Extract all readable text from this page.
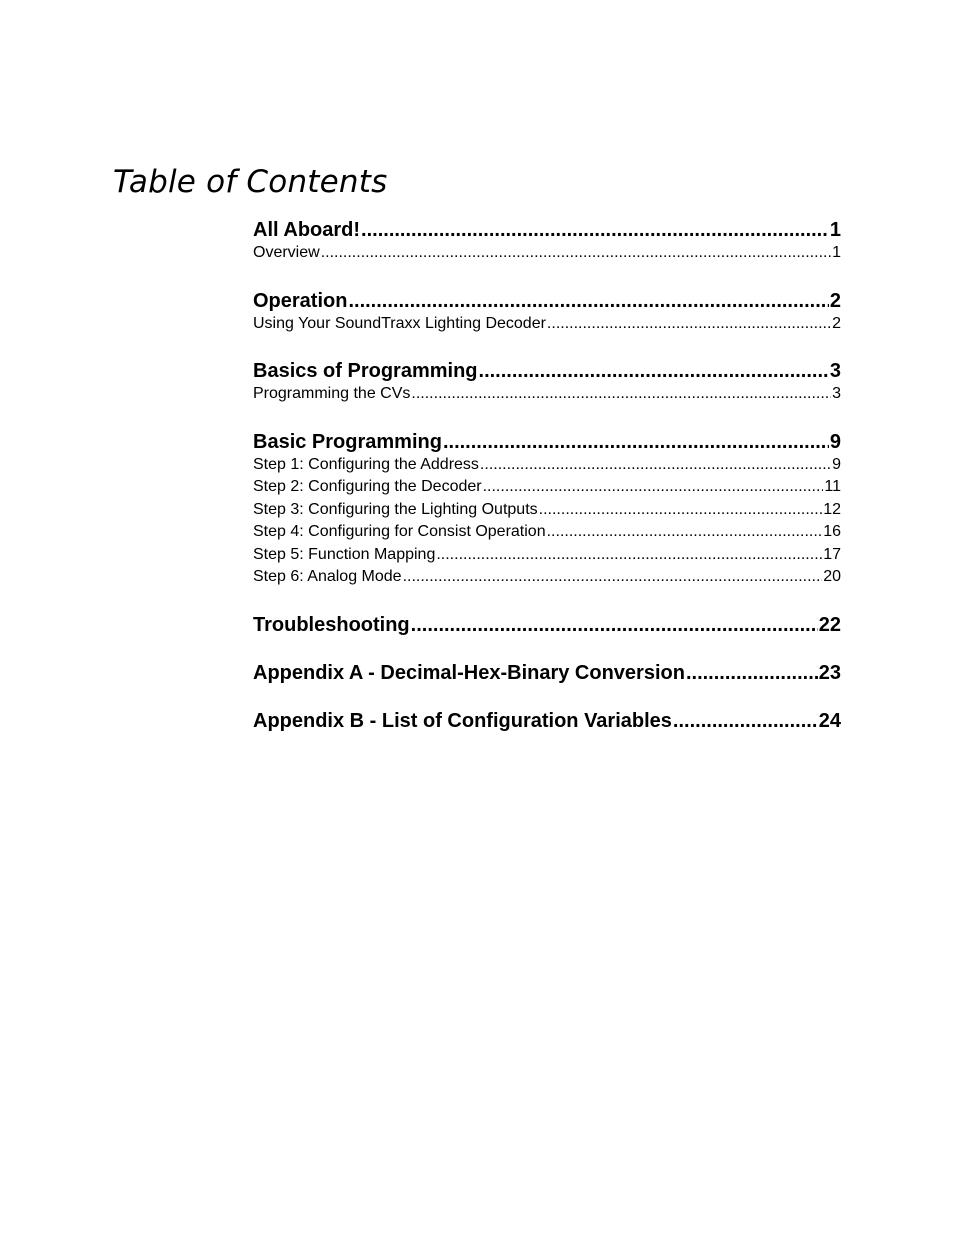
Table of Contents
All Aboard! .....	1
Overview .....	1
Operation .....	2
Using Your SoundTraxx Lighting Decoder .....	2
Basics of Programming .....	3
Programming the CVs .....	3
Basic Programming .....	9
Step 1: Configuring the Address .....	9
Step 2: Configuring the Decoder .....	11
Step 3: Configuring the Lighting Outputs .....	12
Step 4: Configuring for Consist Operation .....	16
Step 5: Function Mapping .....	17
Step 6: Analog Mode .....	20
Troubleshooting .....	22
Appendix A - Decimal-Hex-Binary Conversion .....	23
Appendix B - List of Configuration Variables .....	24
